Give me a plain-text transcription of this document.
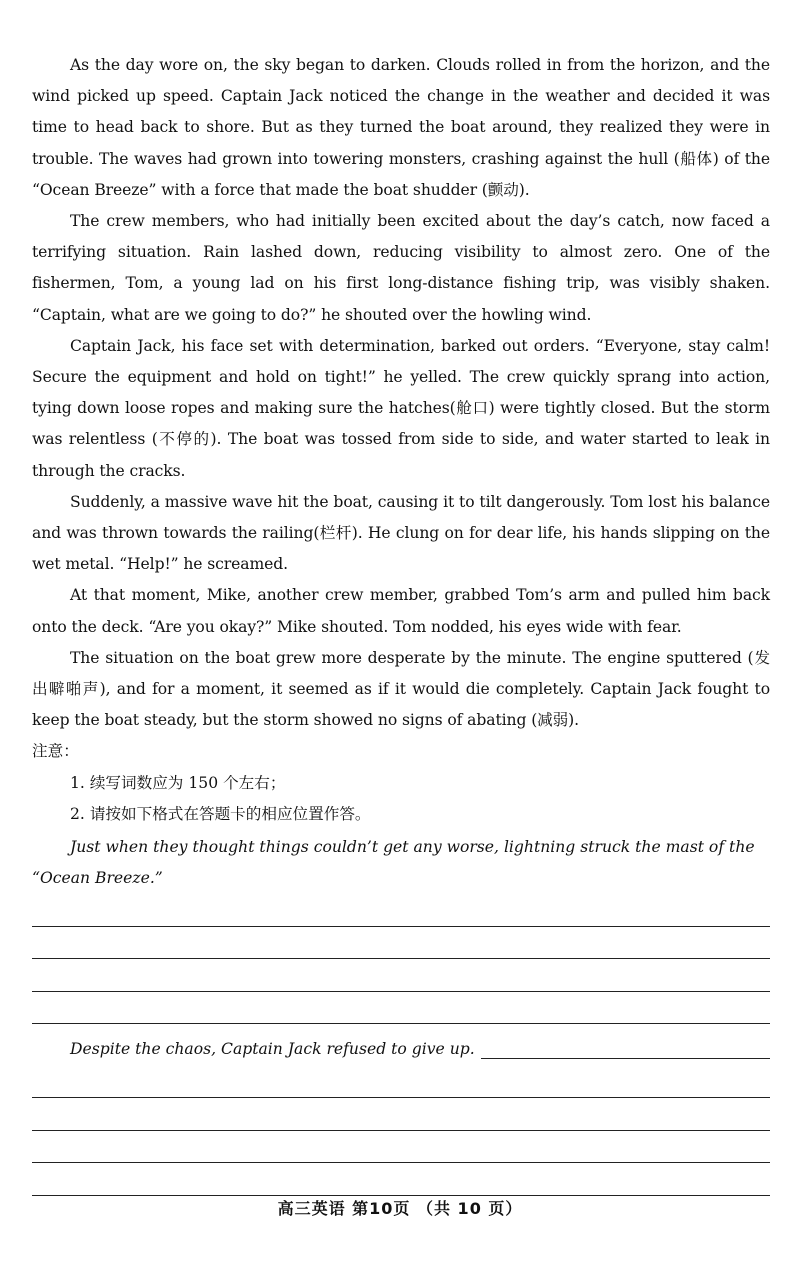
As the day wore on, the sky began to darken. Clouds rolled in from the horizon, and the wind picked up speed. Captain Jack noticed the change in the weather and decided it was time to head back to shore. But as they turned the boat around, they realized they were in trouble. The waves had grown into towering monsters, crashing against the hull (船体) of the “Ocean Breeze” with a force that made the boat shudder (颤动).

The crew members, who had initially been excited about the day’s catch, now faced a terrifying situation. Rain lashed down, reducing visibility to almost zero. One of the fishermen, Tom, a young lad on his first long-distance fishing trip, was visibly shaken. “Captain, what are we going to do?” he shouted over the howling wind.

Captain Jack, his face set with determination, barked out orders. “Everyone, stay calm! Secure the equipment and hold on tight!” he yelled. The crew quickly sprang into action, tying down loose ropes and making sure the hatches(舱口) were tightly closed. But the storm was relentless (不停的). The boat was tossed from side to side, and water started to leak in through the cracks.

Suddenly, a massive wave hit the boat, causing it to tilt dangerously. Tom lost his balance and was thrown towards the railing(栏杆). He clung on for dear life, his hands slipping on the wet metal. “Help!” he screamed.

At that moment, Mike, another crew member, grabbed Tom’s arm and pulled him back onto the deck. “Are you okay?” Mike shouted. Tom nodded, his eyes wide with fear.

The situation on the boat grew more desperate by the minute. The engine sputtered (发出噼啪声), and for a moment, it seemed as if it would die completely. Captain Jack fought to keep the boat steady, but the storm showed no signs of abating (减弱).

注意：

1. 续写词数应为 150 个左右；

2. 请按如下格式在答题卡的相应位置作答。

Just when they thought things couldn’t get any worse, lightning struck the mast of the “Ocean Breeze.”
Despite the chaos, Captain Jack refused to give up.
高三英语 第10页 （共 10 页）
